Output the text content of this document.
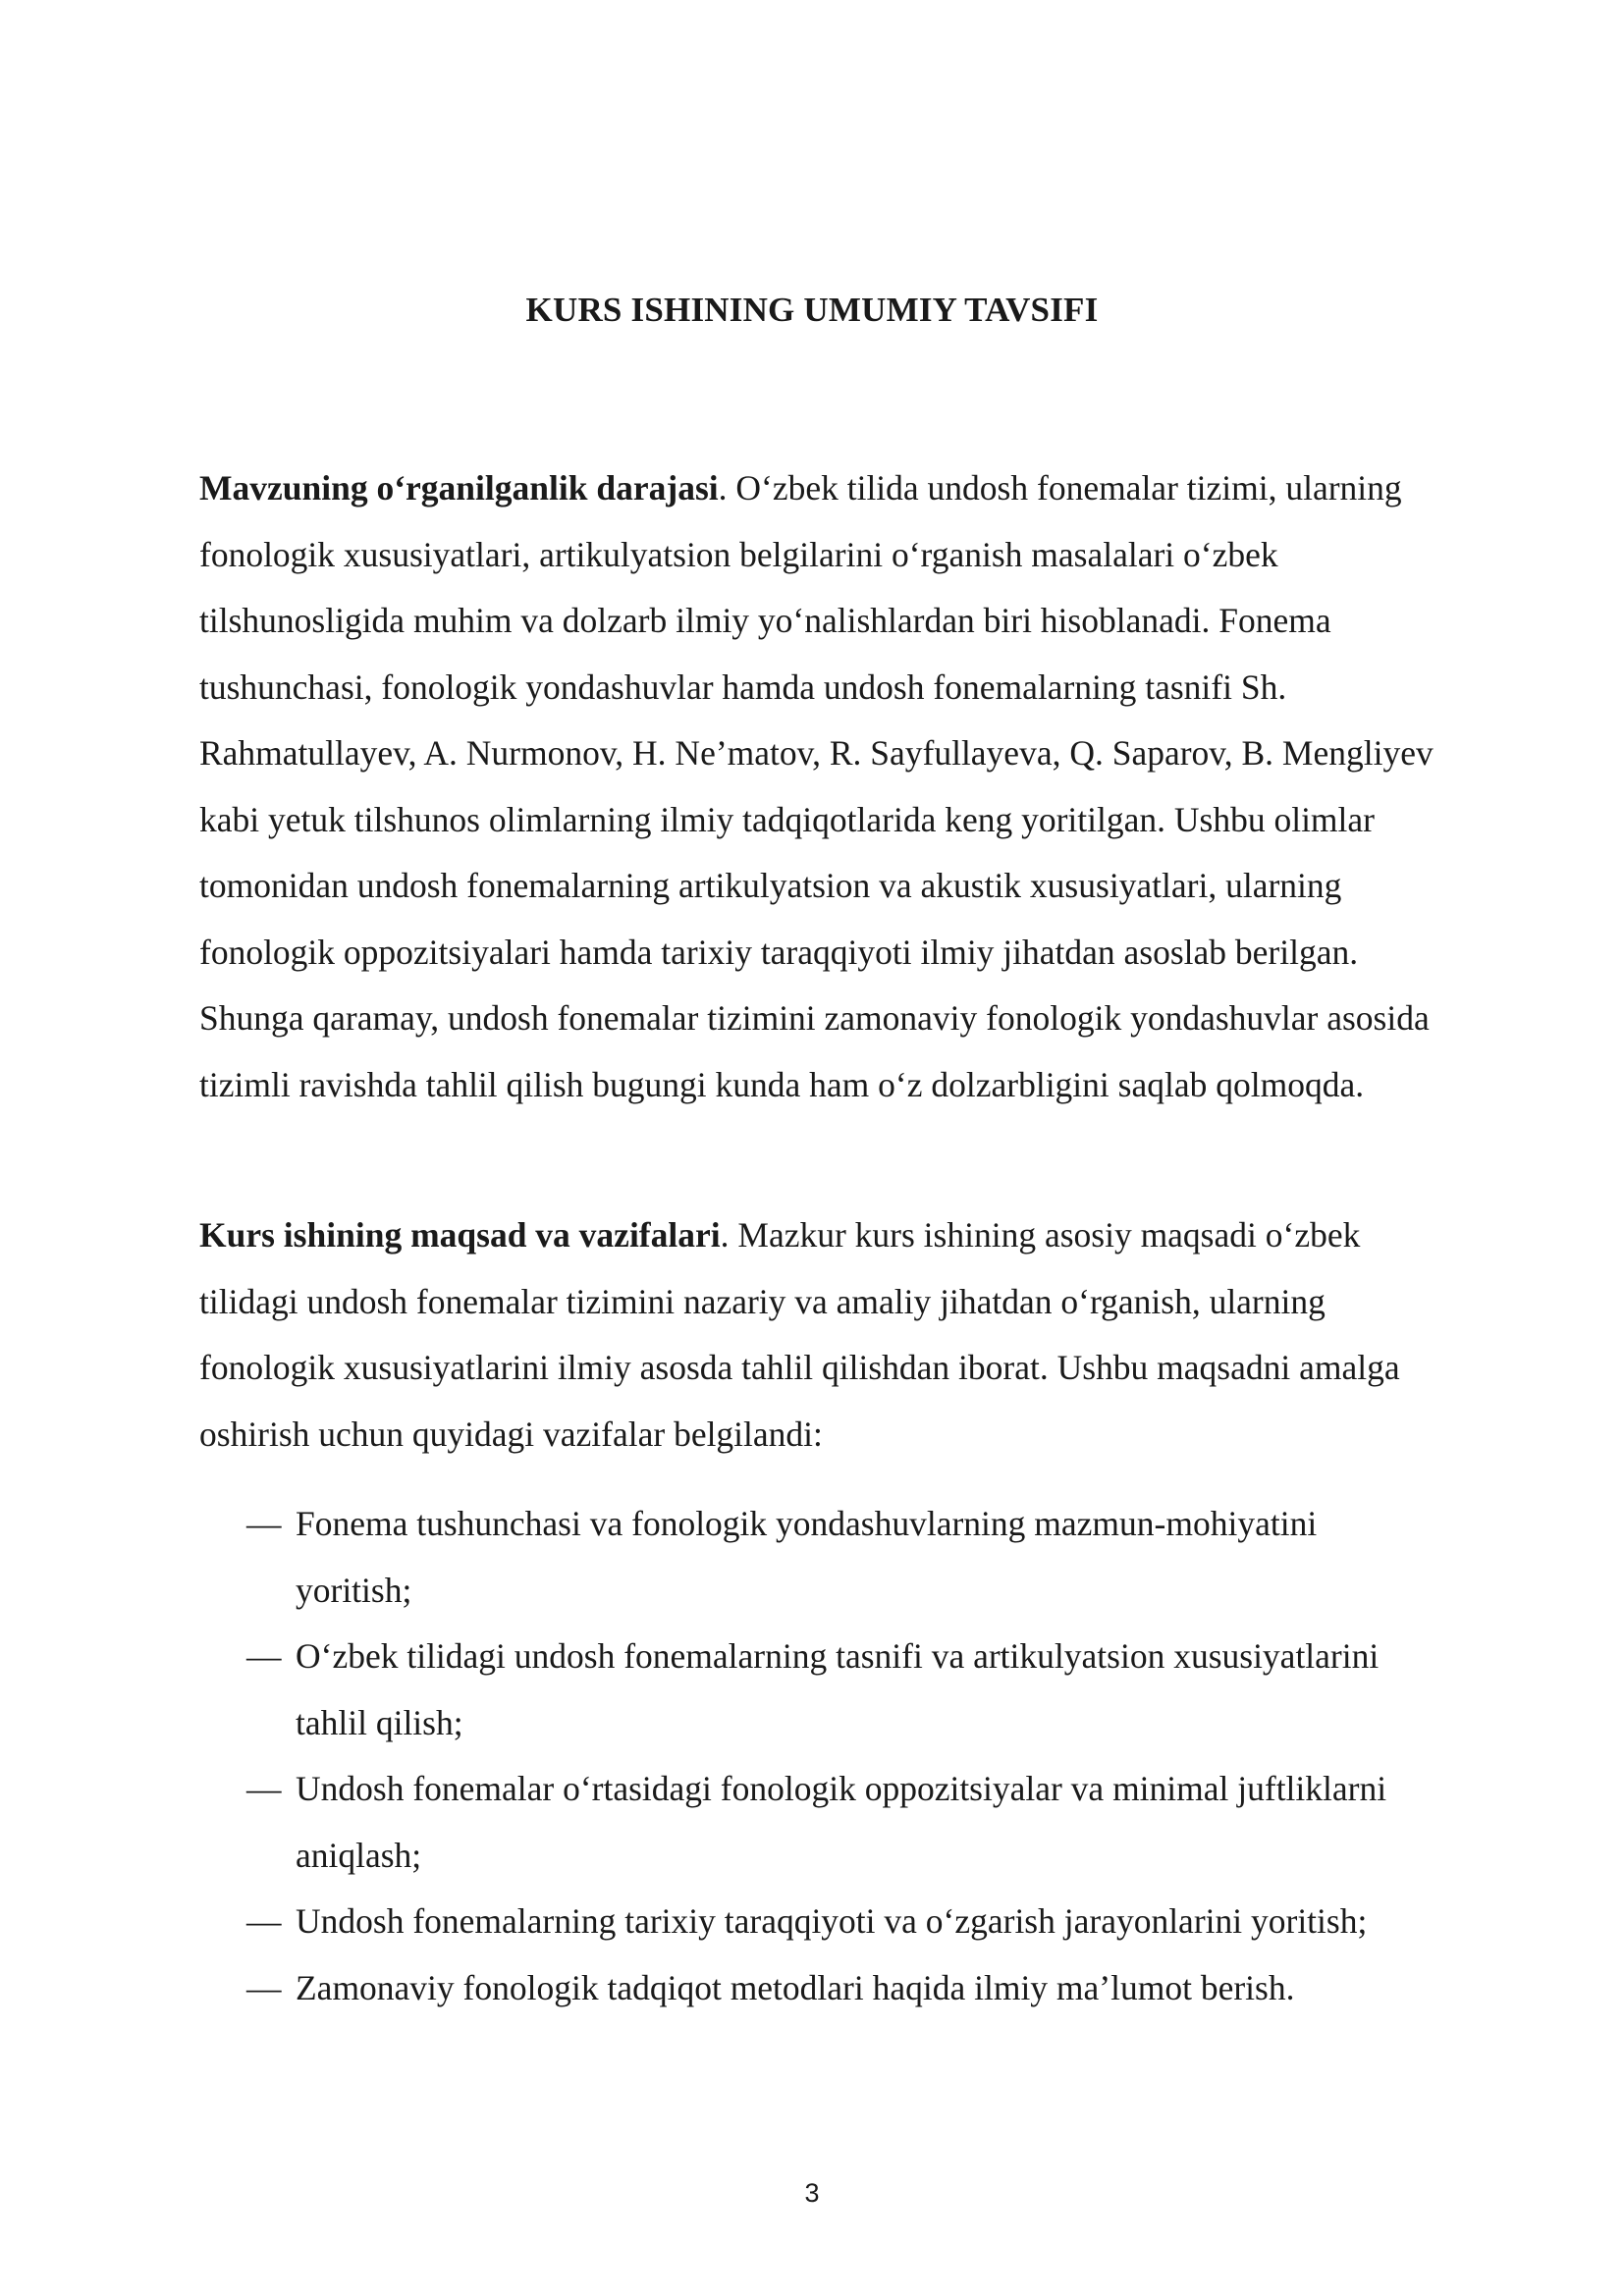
KURS ISHINING UMUMIY TAVSIFI

Mavzuning o‘rganilganlik darajasi. O‘zbek tilida undosh fonemalar tizimi, ularning fonologik xususiyatlari, artikulyatsion belgilarini o‘rganish masalalari o‘zbek tilshunosligida muhim va dolzarb ilmiy yo‘nalishlardan biri hisoblanadi. Fonema tushunchasi, fonologik yondashuvlar hamda undosh fonemalarning tasnifi Sh. Rahmatullayev, A. Nurmonov, H. Ne’matov, R. Sayfullayeva, Q. Saparov, B. Mengliyev kabi yetuk tilshunos olimlarning ilmiy tadqiqotlarida keng yoritilgan. Ushbu olimlar tomonidan undosh fonemalarning artikulyatsion va akustik xususiyatlari, ularning fonologik oppozitsiyalari hamda tarixiy taraqqiyoti ilmiy jihatdan asoslab berilgan. Shunga qaramay, undosh fonemalar tizimini zamonaviy fonologik yondashuvlar asosida tizimli ravishda tahlil qilish bugungi kunda ham o‘z dolzarbligini saqlab qolmoqda.

Kurs ishining maqsad va vazifalari. Mazkur kurs ishining asosiy maqsadi o‘zbek tilidagi undosh fonemalar tizimini nazariy va amaliy jihatdan o‘rganish, ularning fonologik xususiyatlarini ilmiy asosda tahlil qilishdan iborat. Ushbu maqsadni amalga oshirish uchun quyidagi vazifalar belgilandi:

— Fonema tushunchasi va fonologik yondashuvlarning mazmun-mohiyatini yoritish;
— O‘zbek tilidagi undosh fonemalarning tasnifi va artikulyatsion xususiyatlarini tahlil qilish;
— Undosh fonemalar o‘rtasidagi fonologik oppozitsiyalar va minimal juftliklarni aniqlash;
— Undosh fonemalarning tarixiy taraqqiyoti va o‘zgarish jarayonlarini yoritish;
— Zamonaviy fonologik tadqiqot metodlari haqida ilmiy ma’lumot berish.
3
